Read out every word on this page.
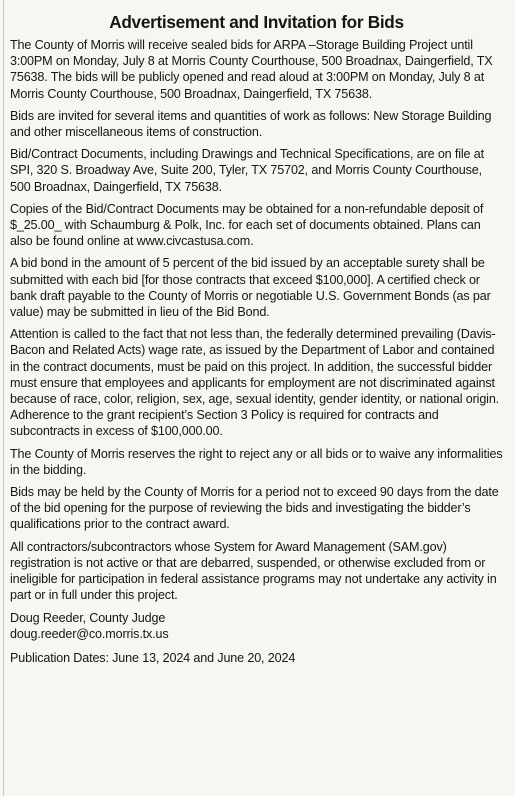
Advertisement and Invitation for Bids

The County of Morris will receive sealed bids for ARPA –Storage Building Project until 3:00PM on Monday, July 8 at Morris County Courthouse, 500 Broadnax, Daingerfield, TX 75638. The bids will be publicly opened and read aloud at 3:00PM on Monday, July 8 at Morris County Courthouse, 500 Broadnax, Daingerfield, TX 75638.

Bids are invited for several items and quantities of work as follows: New Storage Building and other miscellaneous items of construction.

Bid/Contract Documents, including Drawings and Technical Specifications, are on file at SPI, 320 S. Broadway Ave, Suite 200, Tyler, TX 75702, and Morris County Courthouse, 500 Broadnax, Daingerfield, TX 75638.

Copies of the Bid/Contract Documents may be obtained for a non-refundable deposit of $_25.00_ with Schaumburg & Polk, Inc. for each set of documents obtained. Plans can also be found online at www.civcastusa.com.

A bid bond in the amount of 5 percent of the bid issued by an acceptable surety shall be submitted with each bid [for those contracts that exceed $100,000]. A certified check or bank draft payable to the County of Morris or negotiable U.S. Government Bonds (as par value) may be submitted in lieu of the Bid Bond.

Attention is called to the fact that not less than, the federally determined prevailing (Davis-Bacon and Related Acts) wage rate, as issued by the Department of Labor and contained in the contract documents, must be paid on this project. In addition, the successful bidder must ensure that employees and applicants for employment are not discriminated against because of race, color, religion, sex, age, sexual identity, gender identity, or national origin. Adherence to the grant recipient’s Section 3 Policy is required for contracts and subcontracts in excess of $100,000.00.

The County of Morris reserves the right to reject any or all bids or to waive any informalities in the bidding.

Bids may be held by the County of Morris for a period not to exceed 90 days from the date of the bid opening for the purpose of reviewing the bids and investigating the bidder’s qualifications prior to the contract award.

All contractors/subcontractors whose System for Award Management (SAM.gov) registration is not active or that are debarred, suspended, or otherwise excluded from or ineligible for participation in federal assistance programs may not undertake any activity in part or in full under this project.

Doug Reeder, County Judge
doug.reeder@co.morris.tx.us
Publication Dates: June 13, 2024 and June 20, 2024
